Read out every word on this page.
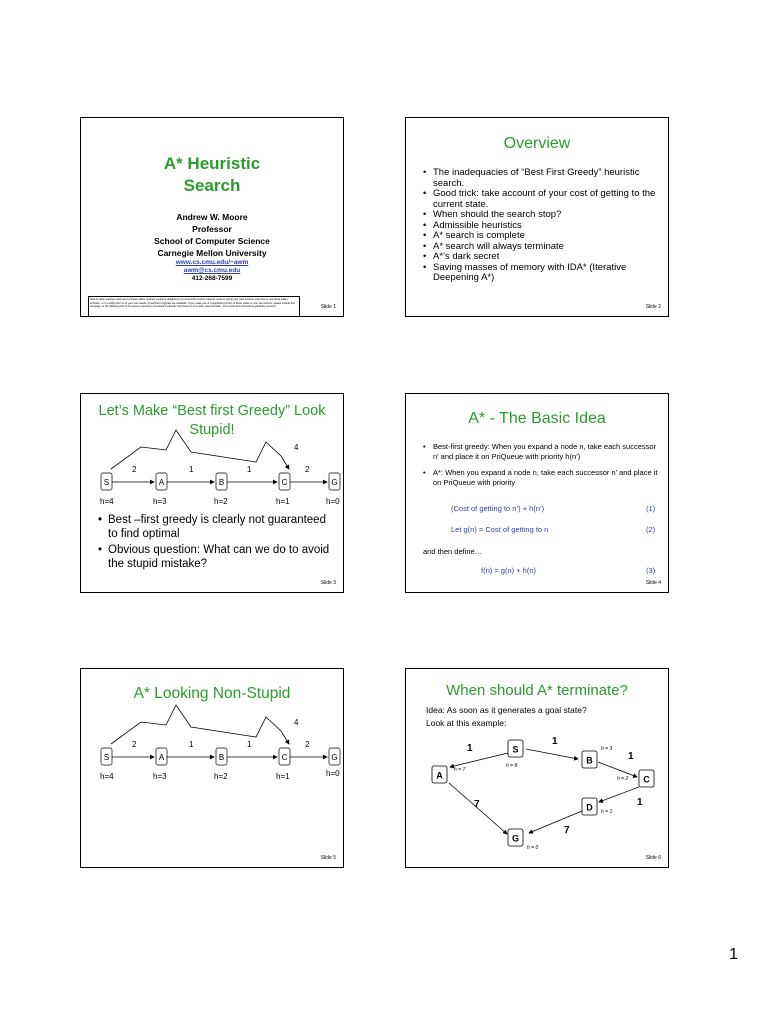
A* Heuristic
Search
Andrew W. Moore
Professor
School of Computer Science
Carnegie Mellon University
www.cs.cmu.edu/~awm
awm@cs.cmu.edu
412-268-7599
Note to other teachers and users of these slides. Andrew would be delighted if you found this source material useful in giving your own lectures. Feel free to use these slides verbatim, or to modify them to fit your own needs. PowerPoint originals are available. If you make use of a significant portion of these slides in your own lecture, please include this message, or the following link to the source repository of Andrew's tutorials: http://www.cs.cmu.edu/~awm/tutorials . Comments and corrections gratefully received.	Slide 1
Overview
• The inadequacies of “Best First Greedy” heuristic search.
• Good trick: take account of your cost of getting to the current state.
• When should the search stop?
• Admissible heuristics
• A* search is complete
• A* search will always terminate
• A*’s dark secret
• Saving masses of memory with IDA* (Iterative Deepening A*)
Slide 2
Let’s Make “Best first Greedy” Look
Stupid!
4
2	1	1	2
S	A	B	C	G
h=4	h=3	h=2	h=1	h=0
• Best –first greedy is clearly not guaranteed to find optimal
• Obvious question: What can we do to avoid the stupid mistake?
Slide 3
A* - The Basic Idea
• Best-first greedy: When you expand a node n, take each successor n’ and place it on PriQueue with priority h(n’)
• A*: When you expand a node n, take each successor n’ and place it on PriQueue with priority
(Cost of getting to n’) + h(n’)	(1)
Let g(n) = Cost of getting to n	(2)
and then define…
f(n) = g(n) + h(n)	(3)
Slide 4
A* Looking Non-Stupid
4
2	1	1	2
S	A	B	C	G
h=4	h=3	h=2	h=1	h=0
Slide 5
When should A* terminate?
Idea: As soon as it generates a goal state?
Look at this example:
1
1
1
1
7
7
S
A
B
C
D
G
h = 8
h = 7
h = 3
h = 2
h = 1
h = 0
Slide 6
1
